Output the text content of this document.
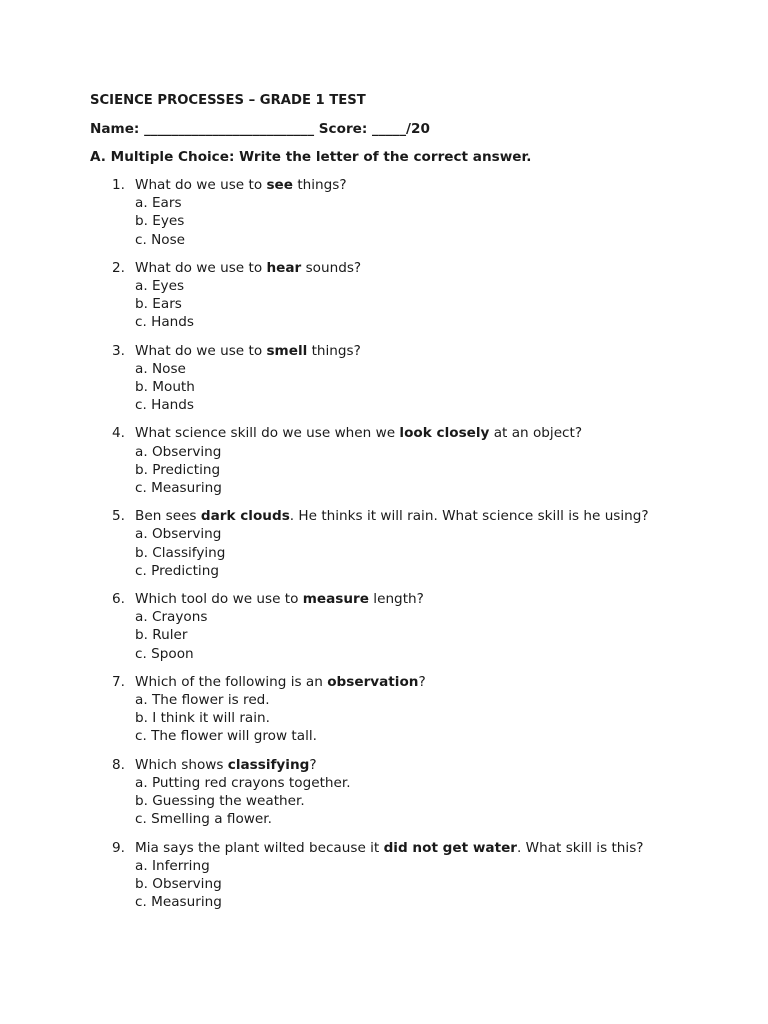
SCIENCE PROCESSES – GRADE 1 TEST
Name: _________________________ Score: _____/20
A. Multiple Choice: Write the letter of the correct answer.
1. What do we use to see things?
a. Ears
b. Eyes
c. Nose
2. What do we use to hear sounds?
a. Eyes
b. Ears
c. Hands
3. What do we use to smell things?
a. Nose
b. Mouth
c. Hands
4. What science skill do we use when we look closely at an object?
a. Observing
b. Predicting
c. Measuring
5. Ben sees dark clouds. He thinks it will rain. What science skill is he using?
a. Observing
b. Classifying
c. Predicting
6. Which tool do we use to measure length?
a. Crayons
b. Ruler
c. Spoon
7. Which of the following is an observation?
a. The flower is red.
b. I think it will rain.
c. The flower will grow tall.
8. Which shows classifying?
a. Putting red crayons together.
b. Guessing the weather.
c. Smelling a flower.
9. Mia says the plant wilted because it did not get water. What skill is this?
a. Inferring
b. Observing
c. Measuring
